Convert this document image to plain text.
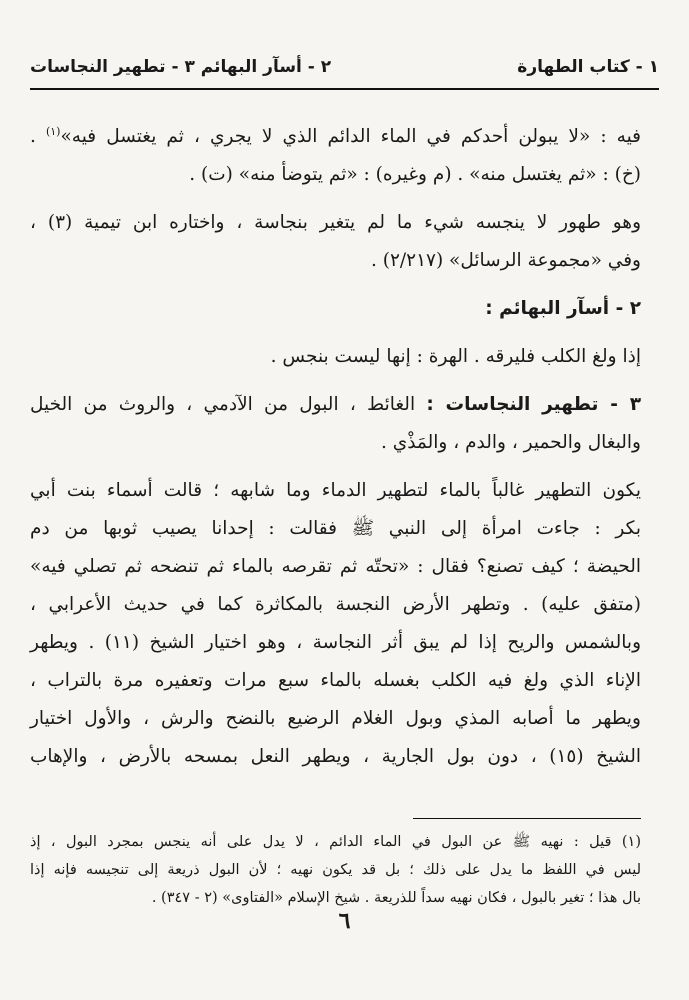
١ - كتاب الطهارة
٢ - أسآر البهائم ٣ - تطهير النجاسات
فيه : «لا يبولن أحدكم في الماء الدائم الذي لا يجري ، ثم يغتسل فيه»$^{(١)}$ .
(خ) : «ثم يغتسل منه» . (م وغيره) : «ثم يتوضأ منه» (ت) .
وهو طهور لا ينجسه شيء ما لم يتغير بنجاسة ، واختاره ابن تيمية (٣) ،
وفي «مجموعة الرسائل» (٢/٢١٧) .
٢ - أسآر البهائم :
إذا ولغ الكلب فليرقه . الهرة : إنها ليست بنجس .
٣ - تطهير النجاسات : الغائط ، البول من الآدمي ، والروث من الخيل
والبغال والحمير ، والدم ، والمَذْي .
يكون التطهير غالباً بالماء لتطهير الدماء وما شابهه ؛ قالت أسماء بنت أبي
بكر : جاءت امرأة إلى النبي ﷺ فقالت : إحدانا يصيب ثوبها من دم
الحيضة ؛ كيف تصنع؟ فقال : «تحتّه ثم تقرصه بالماء ثم تنضحه ثم تصلي فيه»
(متفق عليه) . وتطهر الأرض النجسة بالمكاثرة كما في حديث الأعرابي ،
وبالشمس والريح إذا لم يبق أثر النجاسة ، وهو اختيار الشيخ (١١) . ويطهر
الإناء الذي ولغ فيه الكلب بغسله بالماء سبع مرات وتعفيره مرة بالتراب ،
ويطهر ما أصابه المذي وبول الغلام الرضيع بالنضح والرش ، والأول اختيار
الشيخ (١٥) ، دون بول الجارية ، ويطهر النعل بمسحه بالأرض ، والإهاب
(١) قيل : نهيه ﷺ عن البول في الماء الدائم ، لا يدل على أنه ينجس بمجرد البول ، إذ
ليس في اللفظ ما يدل على ذلك ؛ بل قد يكون نهيه ؛ لأن البول ذريعة إلى تنجيسه فإنه إذا
بال هذا ؛ تغير بالبول ، فكان نهيه سداً للذريعة . شيخ الإسلام «الفتاوى» (٢ - ٣٤٧) .
٦
